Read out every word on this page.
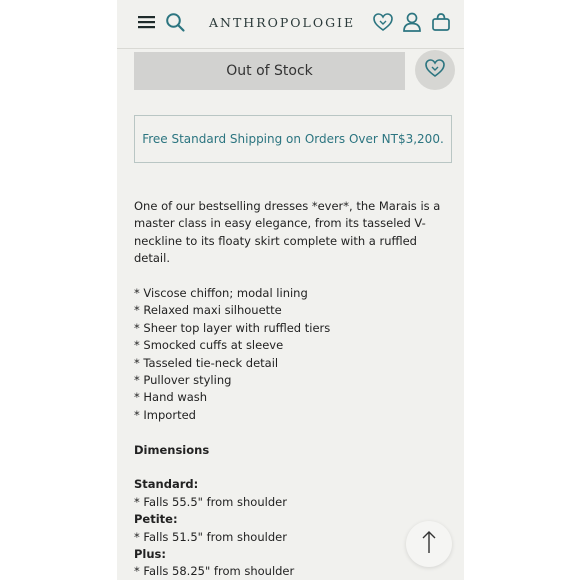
ANTHROPOLOGIE
Out of Stock
Free Standard Shipping on Orders Over NT$3,200.

One of our bestselling dresses *ever*, the Marais is a master class in easy elegance, from its tasseled V-neckline to its floaty skirt complete with a ruffled detail.

* Viscose chiffon; modal lining

* Relaxed maxi silhouette

* Sheer top layer with ruffled tiers

* Smocked cuffs at sleeve

* Tasseled tie-neck detail

* Pullover styling

* Hand wash

* Imported

Dimensions

Standard:

* Falls 55.5" from shoulder

Petite:

* Falls 51.5" from shoulder

Plus:

* Falls 58.25" from shoulder
